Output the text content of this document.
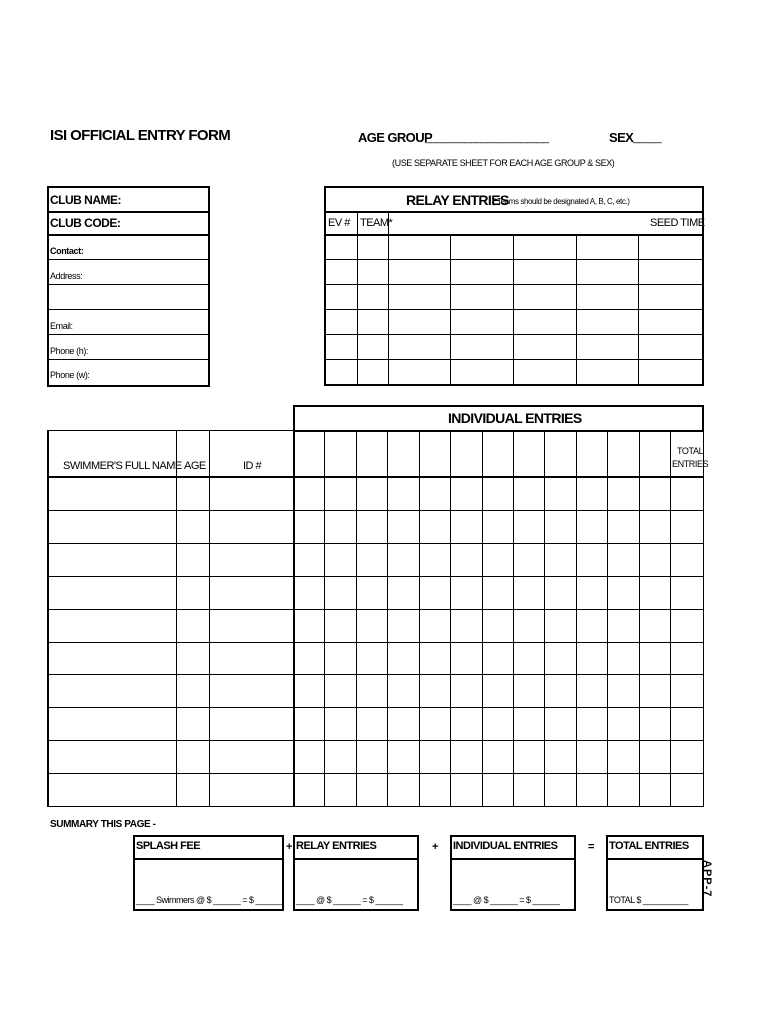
ISI OFFICIAL ENTRY FORM	AGE GROUP
______________________	SEX _____
(USE SEPARATE SHEET FOR EACH AGE GROUP & SEX)
CLUB NAME:
CLUB CODE:
Contact:
Address:
Email:
Phone (h):
Phone (w):
RELAY ENTRIES
(*Teams should be designated A, B, C, etc.)
EV # TEAM*	SEED TIME
INDIVIDUAL ENTRIES
SWIMMER'S FULL NAME AGE	ID #
TOTAL
ENTRIES
SUMMARY THIS PAGE -
SPLASH FEE
____ Swimmers @ $ ______ = $ ______
+ RELAY ENTRIES
____ @ $ ______ = $ ______
+ INDIVIDUAL ENTRIES
____ @ $ ______ = $ ______
= TOTAL ENTRIES
TOTAL $ __________
APP-7
